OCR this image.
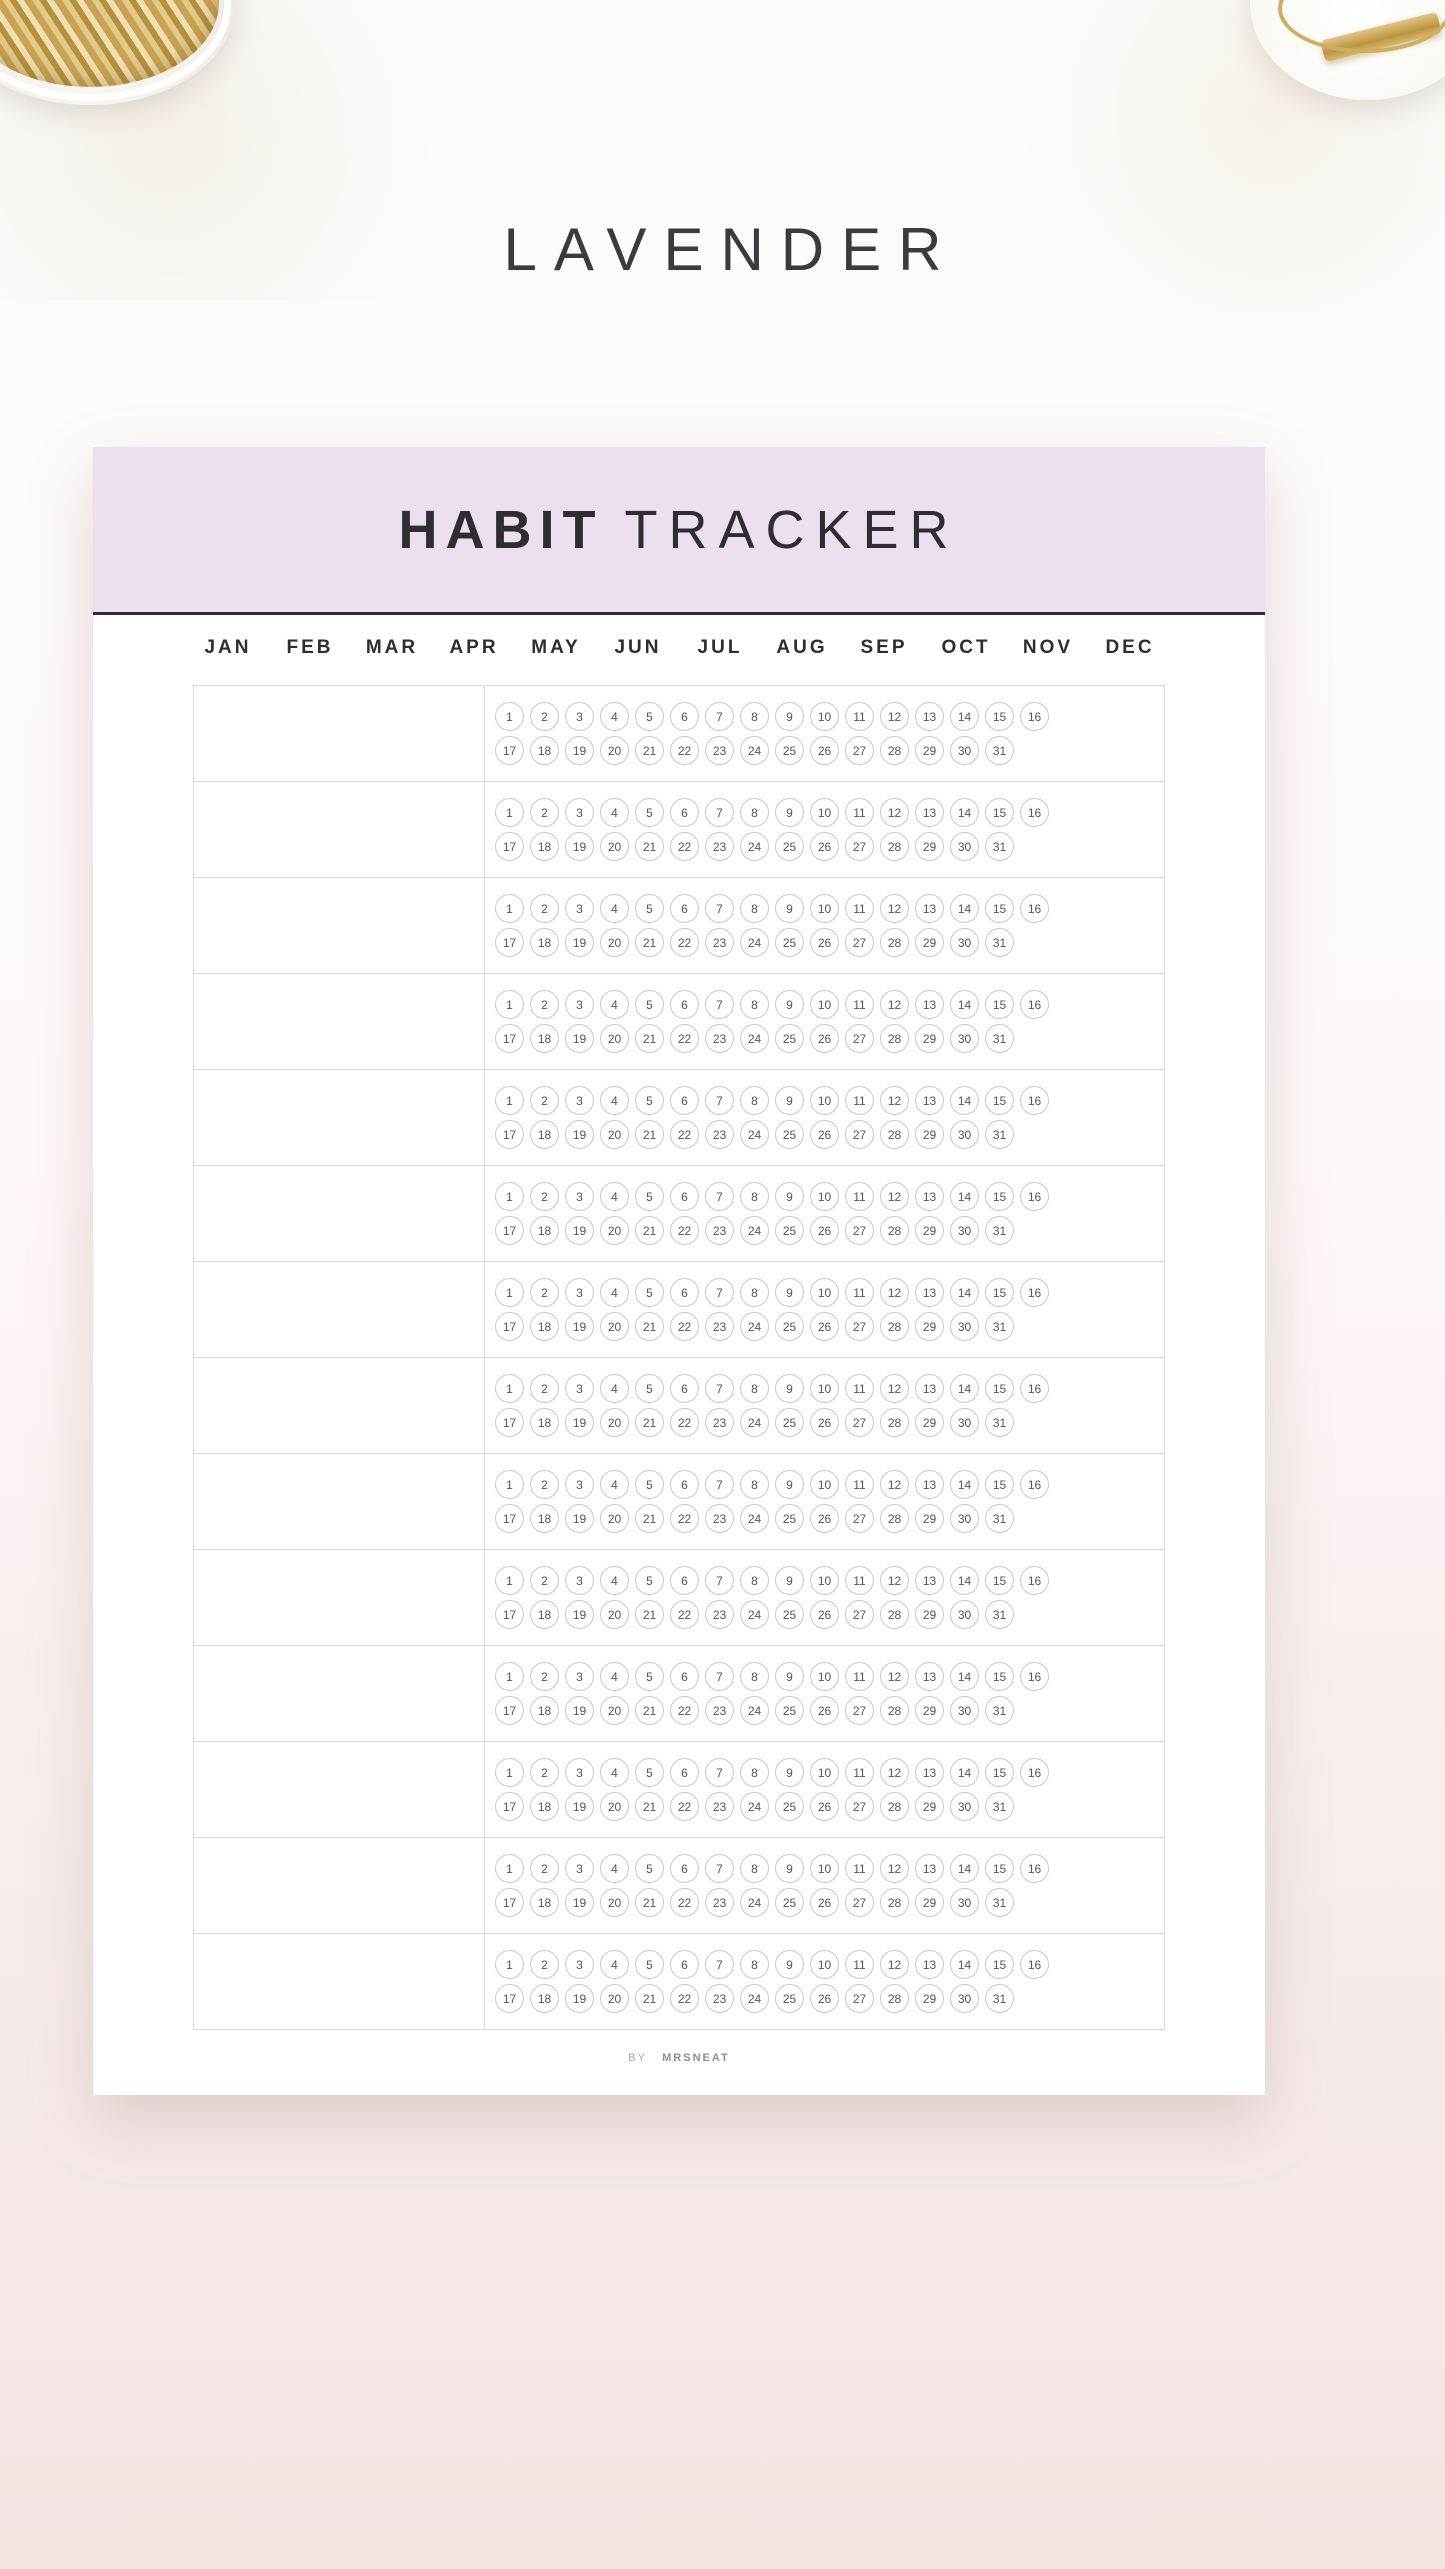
LAVENDER
HABIT TRACKER
JAN	FEB	MAR	APR	MAY	JUN	JUL	AUG	SEP	OCT	NOV	DEC
1	2	3	4	5	6	7	8	9	10	11	12	13	14	15	16
17	18	19	20	21	22	23	24	25	26	27	28	29	30	31
1	2	3	4	5	6	7	8	9	10	11	12	13	14	15	16
17	18	19	20	21	22	23	24	25	26	27	28	29	30	31
1	2	3	4	5	6	7	8	9	10	11	12	13	14	15	16
17	18	19	20	21	22	23	24	25	26	27	28	29	30	31
1	2	3	4	5	6	7	8	9	10	11	12	13	14	15	16
17	18	19	20	21	22	23	24	25	26	27	28	29	30	31
1	2	3	4	5	6	7	8	9	10	11	12	13	14	15	16
17	18	19	20	21	22	23	24	25	26	27	28	29	30	31
1	2	3	4	5	6	7	8	9	10	11	12	13	14	15	16
17	18	19	20	21	22	23	24	25	26	27	28	29	30	31
1	2	3	4	5	6	7	8	9	10	11	12	13	14	15	16
17	18	19	20	21	22	23	24	25	26	27	28	29	30	31
1	2	3	4	5	6	7	8	9	10	11	12	13	14	15	16
17	18	19	20	21	22	23	24	25	26	27	28	29	30	31
1	2	3	4	5	6	7	8	9	10	11	12	13	14	15	16
17	18	19	20	21	22	23	24	25	26	27	28	29	30	31
1	2	3	4	5	6	7	8	9	10	11	12	13	14	15	16
17	18	19	20	21	22	23	24	25	26	27	28	29	30	31
1	2	3	4	5	6	7	8	9	10	11	12	13	14	15	16
17	18	19	20	21	22	23	24	25	26	27	28	29	30	31
1	2	3	4	5	6	7	8	9	10	11	12	13	14	15	16
17	18	19	20	21	22	23	24	25	26	27	28	29	30	31
1	2	3	4	5	6	7	8	9	10	11	12	13	14	15	16
17	18	19	20	21	22	23	24	25	26	27	28	29	30	31
1	2	3	4	5	6	7	8	9	10	11	12	13	14	15	16
17	18	19	20	21	22	23	24	25	26	27	28	29	30	31
BY MRSNEAT
